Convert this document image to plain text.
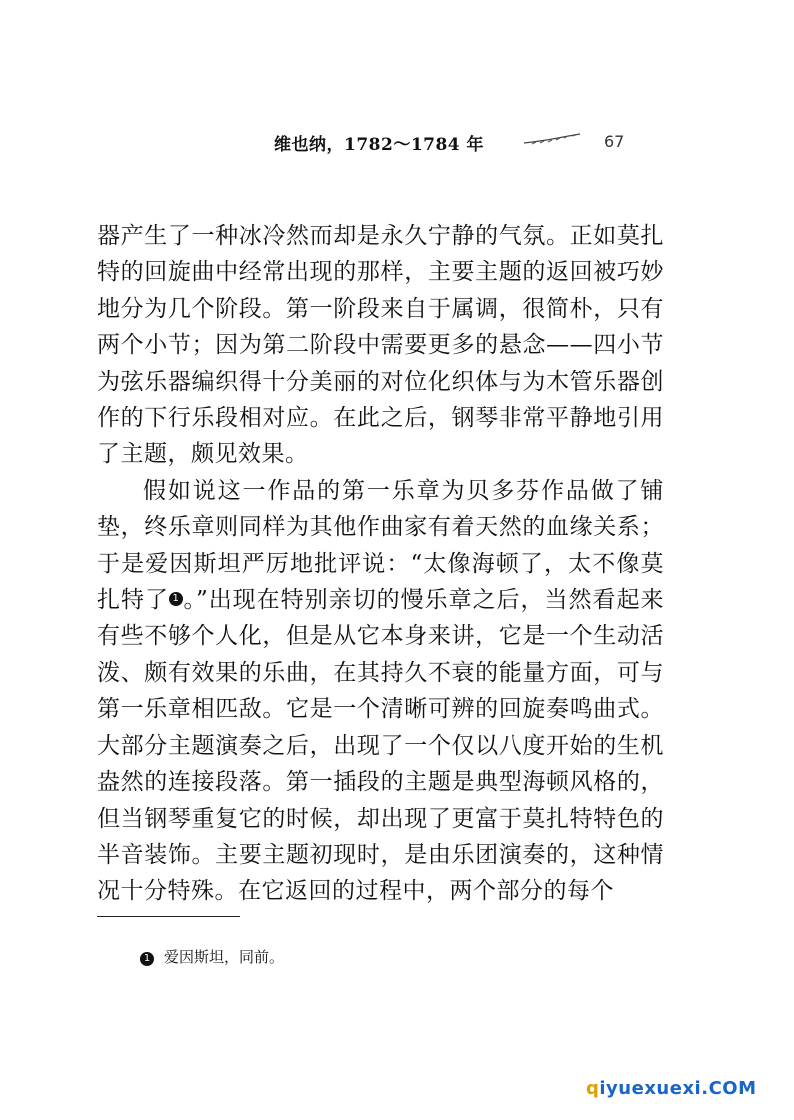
维也纳，1782～1784 年	67

器产生了一种冰冷然而却是永久宁静的气氛。正如莫扎特的回旋曲中经常出现的那样，主要主题的返回被巧妙地分为几个阶段。第一阶段来自于属调，很简朴，只有两个小节；因为第二阶段中需要更多的悬念——四小节为弦乐器编织得十分美丽的对位化织体与为木管乐器创作的下行乐段相对应。在此之后，钢琴非常平静地引用了主题，颇见效果。

假如说这一作品的第一乐章为贝多芬作品做了铺垫，终乐章则同样为其他作曲家有着天然的血缘关系；于是爱因斯坦严厉地批评说：“太像海顿了，太不像莫扎特了 1 。”出现在特别亲切的慢乐章之后，当然看起来有些不够个人化，但是从它本身来讲，它是一个生动活泼、颇有效果的乐曲，在其持久不衰的能量方面，可与第一乐章相匹敌。它是一个清晰可辨的回旋奏鸣曲式。大部分主题演奏之后，出现了一个仅以八度开始的生机盎然的连接段落。第一插段的主题是典型海顿风格的，但当钢琴重复它的时候，却出现了更富于莫扎特特色的半音装饰。主要主题初现时，是由乐团演奏的，这种情况十分特殊。在它返回的过程中，两个部分的每个

1 爱因斯坦，同前。
qiyuexuexi.COM
